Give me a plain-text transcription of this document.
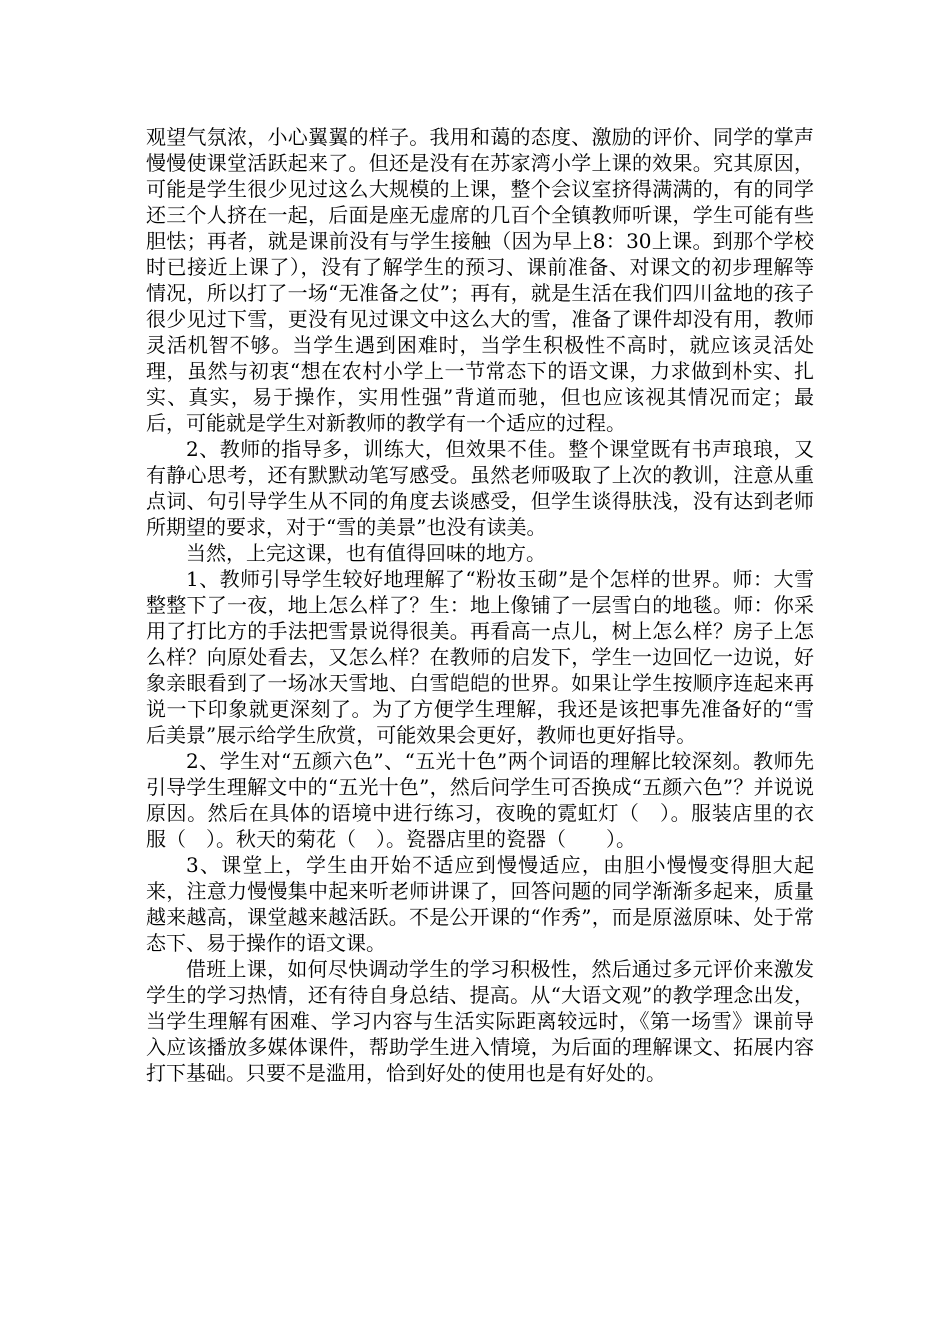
观望气氛浓，小心翼翼的样子。我用和蔼的态度、激励的评价、同学的掌声慢慢使课堂活跃起来了。但还是没有在苏家湾小学上课的效果。究其原因，可能是学生很少见过这么大规模的上课，整个会议室挤得满满的，有的同学还三个人挤在一起，后面是座无虚席的几百个全镇教师听课，学生可能有些胆怯；再者，就是课前没有与学生接触（因为早上8：30上课。到那个学校时已接近上课了），没有了解学生的预习、课前准备、对课文的初步理解等情况，所以打了一场“无准备之仗”；再有，就是生活在我们四川盆地的孩子很少见过下雪，更没有见过课文中这么大的雪，准备了课件却没有用，教师灵活机智不够。当学生遇到困难时，当学生积极性不高时，就应该灵活处理，虽然与初衷“想在农村小学上一节常态下的语文课，力求做到朴实、扎实、真实，易于操作，实用性强”背道而驰，但也应该视其情况而定；最后，可能就是学生对新教师的教学有一个适应的过程。

2、教师的指导多，训练大，但效果不佳。整个课堂既有书声琅琅，又有静心思考，还有默默动笔写感受。虽然老师吸取了上次的教训，注意从重点词、句引导学生从不同的角度去谈感受，但学生谈得肤浅，没有达到老师所期望的要求，对于“雪的美景”也没有读美。

当然，上完这课，也有值得回味的地方。

1、教师引导学生较好地理解了“粉妆玉砌”是个怎样的世界。师：大雪整整下了一夜，地上怎么样了？生：地上像铺了一层雪白的地毯。师：你采用了打比方的手法把雪景说得很美。再看高一点儿，树上怎么样？房子上怎么样？向原处看去，又怎么样？在教师的启发下，学生一边回忆一边说，好象亲眼看到了一场冰天雪地、白雪皑皑的世界。如果让学生按顺序连起来再说一下印象就更深刻了。为了方便学生理解，我还是该把事先准备好的“雪后美景”展示给学生欣赏，可能效果会更好，教师也更好指导。

2、学生对“五颜六色”、“五光十色”两个词语的理解比较深刻。教师先引导学生理解文中的“五光十色”，然后问学生可否换成“五颜六色”？并说说原因。然后在具体的语境中进行练习，夜晚的霓虹灯（　）。服装店里的衣服（　）。秋天的菊花（　）。瓷器店里的瓷器（　　）。

3、课堂上，学生由开始不适应到慢慢适应，由胆小慢慢变得胆大起来，注意力慢慢集中起来听老师讲课了，回答问题的同学渐渐多起来，质量越来越高，课堂越来越活跃。不是公开课的“作秀”，而是原滋原味、处于常态下、易于操作的语文课。

借班上课，如何尽快调动学生的学习积极性，然后通过多元评价来激发学生的学习热情，还有待自身总结、提高。从“大语文观”的教学理念出发，当学生理解有困难、学习内容与生活实际距离较远时，《第一场雪》课前导入应该播放多媒体课件，帮助学生进入情境，为后面的理解课文、拓展内容打下基础。只要不是滥用，恰到好处的使用也是有好处的。
